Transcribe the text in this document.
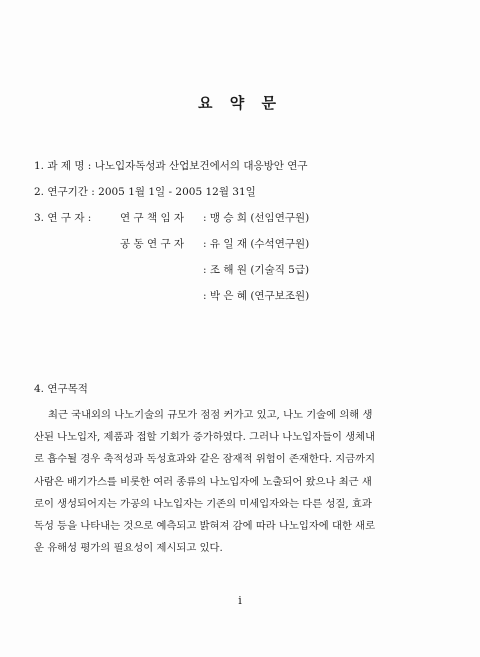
요 약 문
1. 과 제 명 : 나노입자독성과 산업보건에서의 대응방안 연구
2. 연구기간 : 2005 1월 1일 - 2005 12월 31일
3. 연 구 자 :	연 구 책 임 자 : 맹 승 희 (선임연구원)
공 동 연 구 자 : 유 일 재 (수석연구원)
: 조 해 원 (기술직 5급)
: 박 은 혜 (연구보조원)
4. 연구목적
최근 국내외의 나노기술의 규모가 점점 커가고 있고, 나노 기술에 의해 생
산된 나노입자, 제품과 접할 기회가 증가하였다. 그러나 나노입자들이 생체내
로 흡수될 경우 축적성과 독성효과와 같은 잠재적 위험이 존재한다. 지금까지
사람은 배기가스를 비롯한 여러 종류의 나노입자에 노출되어 왔으나 최근 새
로이 생성되어지는 가공의 나노입자는 기존의 미세입자와는 다른 성질, 효과
독성 등을 나타내는 것으로 예측되고 밝혀져 감에 따라 나노입자에 대한 새로
운 유해성 평가의 필요성이 제시되고 있다.
i
